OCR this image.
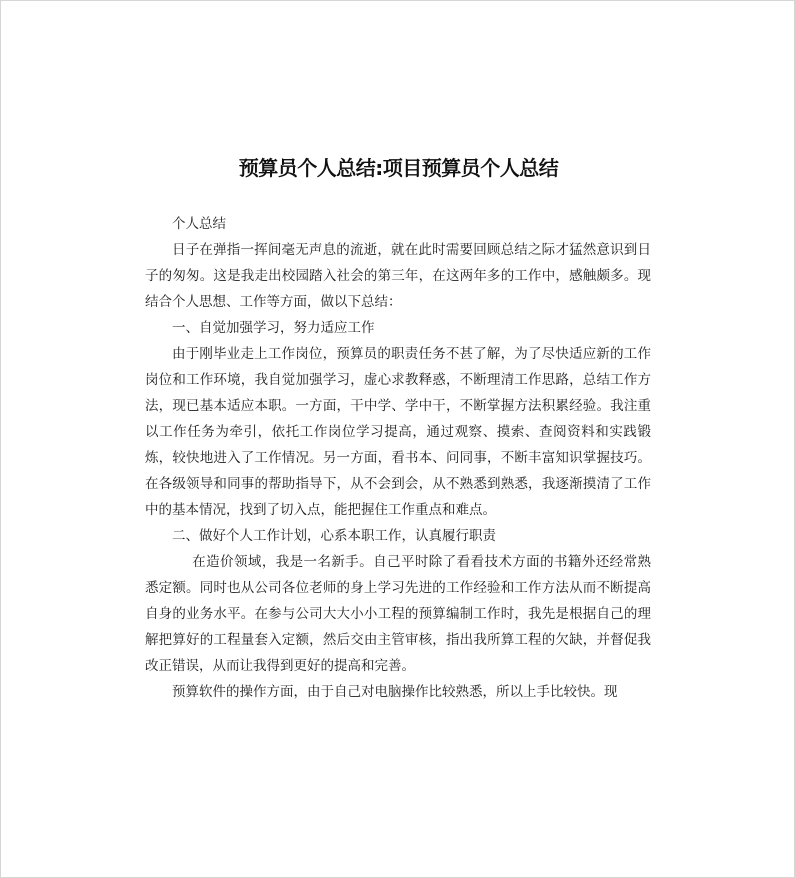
预算员个人总结:项目预算员个人总结

个人总结

日子在弹指一挥间毫无声息的流逝，就在此时需要回顾总结之际才猛然意识到日子的匆匆。这是我走出校园踏入社会的第三年，在这两年多的工作中，感触颇多。现结合个人思想、工作等方面，做以下总结：

一、自觉加强学习，努力适应工作

由于刚毕业走上工作岗位，预算员的职责任务不甚了解，为了尽快适应新的工作岗位和工作环境，我自觉加强学习，虚心求教释惑，不断理清工作思路，总结工作方法，现已基本适应本职。一方面，干中学、学中干，不断掌握方法积累经验。我注重以工作任务为牵引，依托工作岗位学习提高，通过观察、摸索、查阅资料和实践锻炼，较快地进入了工作情况。另一方面，看书本、问同事，不断丰富知识掌握技巧。在各级领导和同事的帮助指导下，从不会到会，从不熟悉到熟悉，我逐渐摸清了工作中的基本情况，找到了切入点，能把握住工作重点和难点。

二、做好个人工作计划，心系本职工作，认真履行职责

在造价领域，我是一名新手。自己平时除了看看技术方面的书籍外还经常熟悉定额。同时也从公司各位老师的身上学习先进的工作经验和工作方法从而不断提高自身的业务水平。在参与公司大大小小工程的预算编制工作时，我先是根据自己的理解把算好的工程量套入定额，然后交由主管审核，指出我所算工程的欠缺，并督促我改正错误，从而让我得到更好的提高和完善。

预算软件的操作方面，由于自己对电脑操作比较熟悉，所以上手比较快。现
